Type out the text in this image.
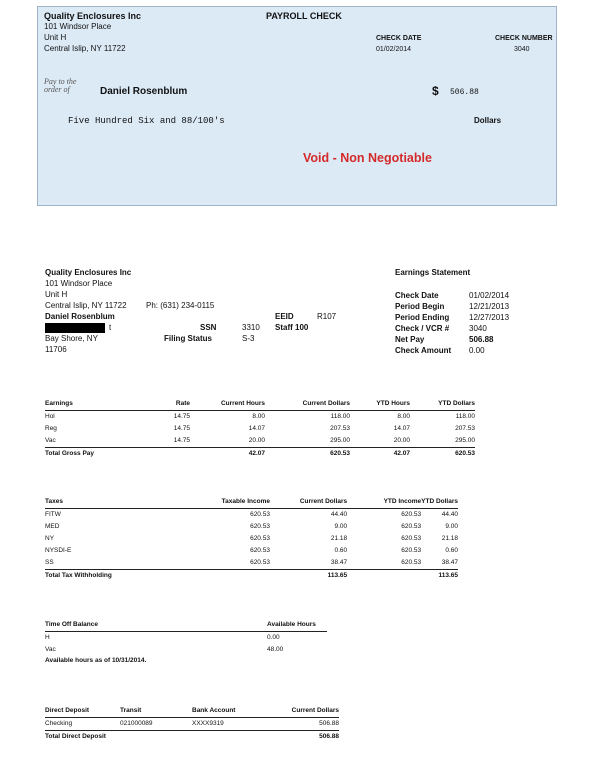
Quality Enclosures Inc
101 Windsor Place
Unit H
Central Islip, NY 11722
PAYROLL CHECK
CHECK DATE
01/02/2014
CHECK NUMBER
3040
Pay to the
order of	Daniel Rosenblum	$ 506.88
Five Hundred Six and 88/100's	Dollars
Void - Non Negotiable
Quality Enclosures Inc
101 Windsor Place
Unit H
Central Islip, NY 11722 Ph: (631) 234-0115
Daniel Rosenblum
t
Bay Shore, NY
11706
SSN	3310
Filing Status	S-3
EEID	R107
Staff 100
Earnings Statement
Check Date	01/02/2014
Period Begin	12/21/2013
Period Ending 12/27/2013
Check / VCR # 3040
Net Pay	506.88
Check Amount 0.00
Earnings	Rate	Current Hours	Current Dollars	YTD Hours	YTD Dollars
Hol	14.75	8.00	118.00	8.00	118.00
Reg	14.75	14.07	207.53	14.07	207.53
Vac	14.75	20.00	295.00	20.00	295.00
Total Gross Pay		42.07	620.53	42.07	620.53
Taxes	Taxable Income	Current Dollars	YTD Income	YTD Dollars
FITW	620.53	44.40	620.53	44.40
MED	620.53	9.00	620.53	9.00
NY	620.53	21.18	620.53	21.18
NYSDI-E	620.53	0.60	620.53	0.60
SS	620.53	38.47	620.53	38.47
Total Tax Withholding		113.65		113.65
Time Off Balance	Available Hours
H	0.00
Vac	48.00
Available hours as of 10/31/2014.
Direct Deposit	Transit	Bank Account	Current Dollars
Checking	021000089	XXXX9319	506.88
Total Direct Deposit			506.88
